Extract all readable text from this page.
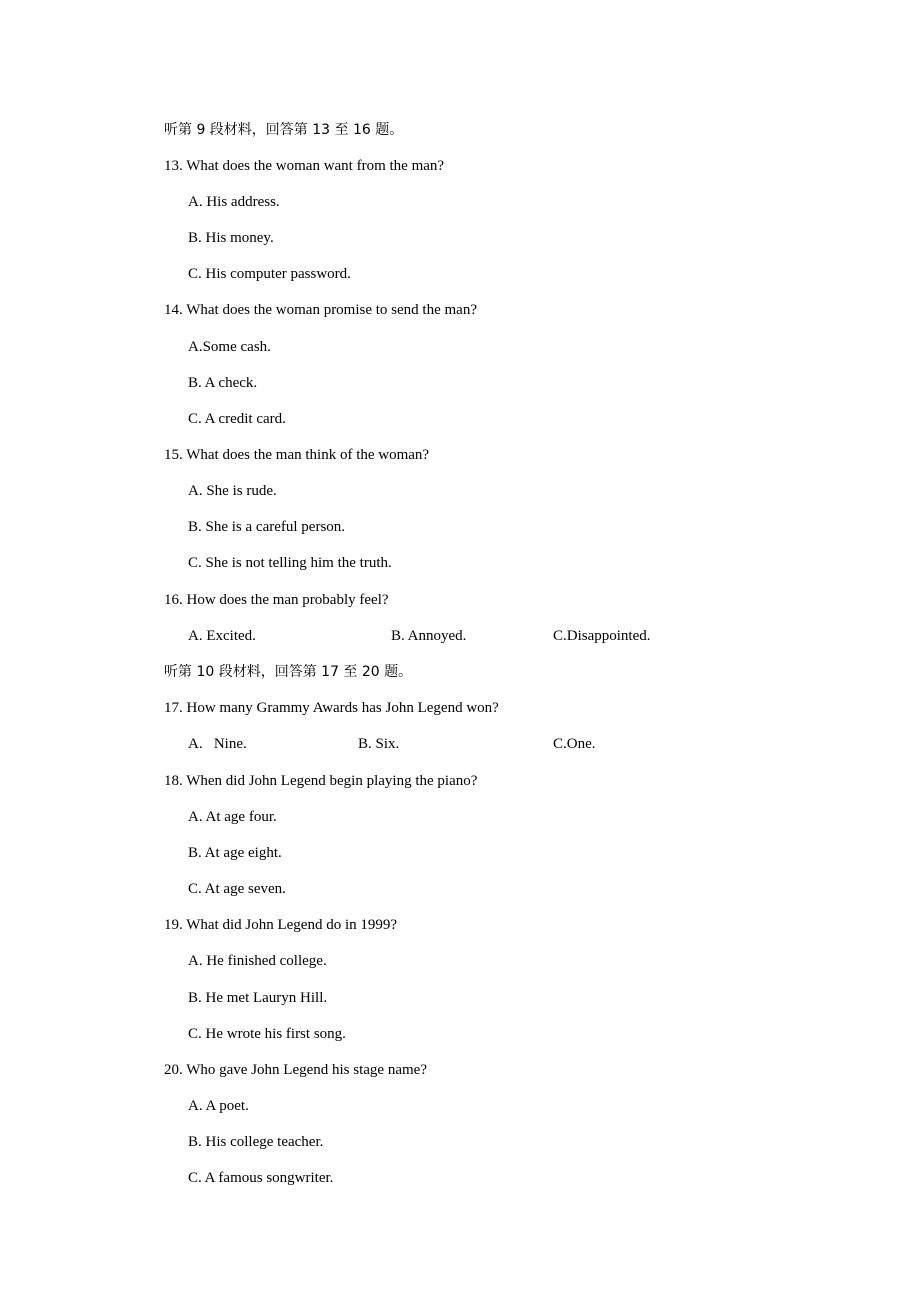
听第 9 段材料，回答第 13 至 16 题。
13. What does the woman want from the man?
A. His address.
B. His money.
C. His computer password.
14. What does the woman promise to send the man?
A.Some cash.
B. A check.
C. A credit card.
15. What does the man think of the woman?
A. She is rude.
B. She is a careful person.
C. She is not telling him the truth.
16. How does the man probably feel?
A. Excited.	B. Annoyed.	C.Disappointed.
听第 10 段材料，回答第 17 至 20 题。
17. How many Grammy Awards has John Legend won?
A.   Nine.	B. Six.	C.One.
18. When did John Legend begin playing the piano?
A. At age four.
B. At age eight.
C. At age seven.
19. What did John Legend do in 1999?
A. He finished college.
B. He met Lauryn Hill.
C. He wrote his first song.
20. Who gave John Legend his stage name?
A. A poet.
B. His college teacher.
C. A famous songwriter.
